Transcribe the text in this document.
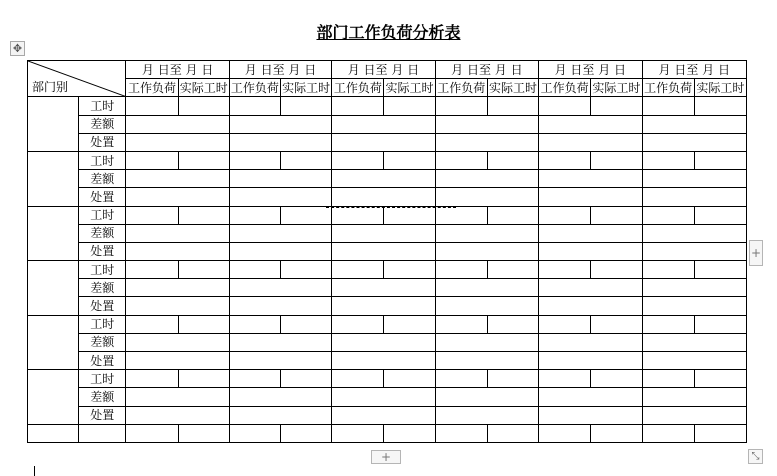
部门工作负荷分析表
✥
部门别		月 日至 月 日		月 日至 月 日		月 日至 月 日		月 日至 月 日		月 日至 月 日		月 日至 月 日	
		工作负荷	实际工时	工作负荷	实际工时	工作负荷	实际工时	工作负荷	实际工时	工作负荷	实际工时	工作负荷	实际工时
	工时												
	差额												
	处置												
	工时												
	差额												
	处置												
	工时												
	差额												
	处置												
	工时												
	差额												
	处置												
	工时												
	差额												
	处置												
	工时												
	差额												
	处置												

+
+	⤡
